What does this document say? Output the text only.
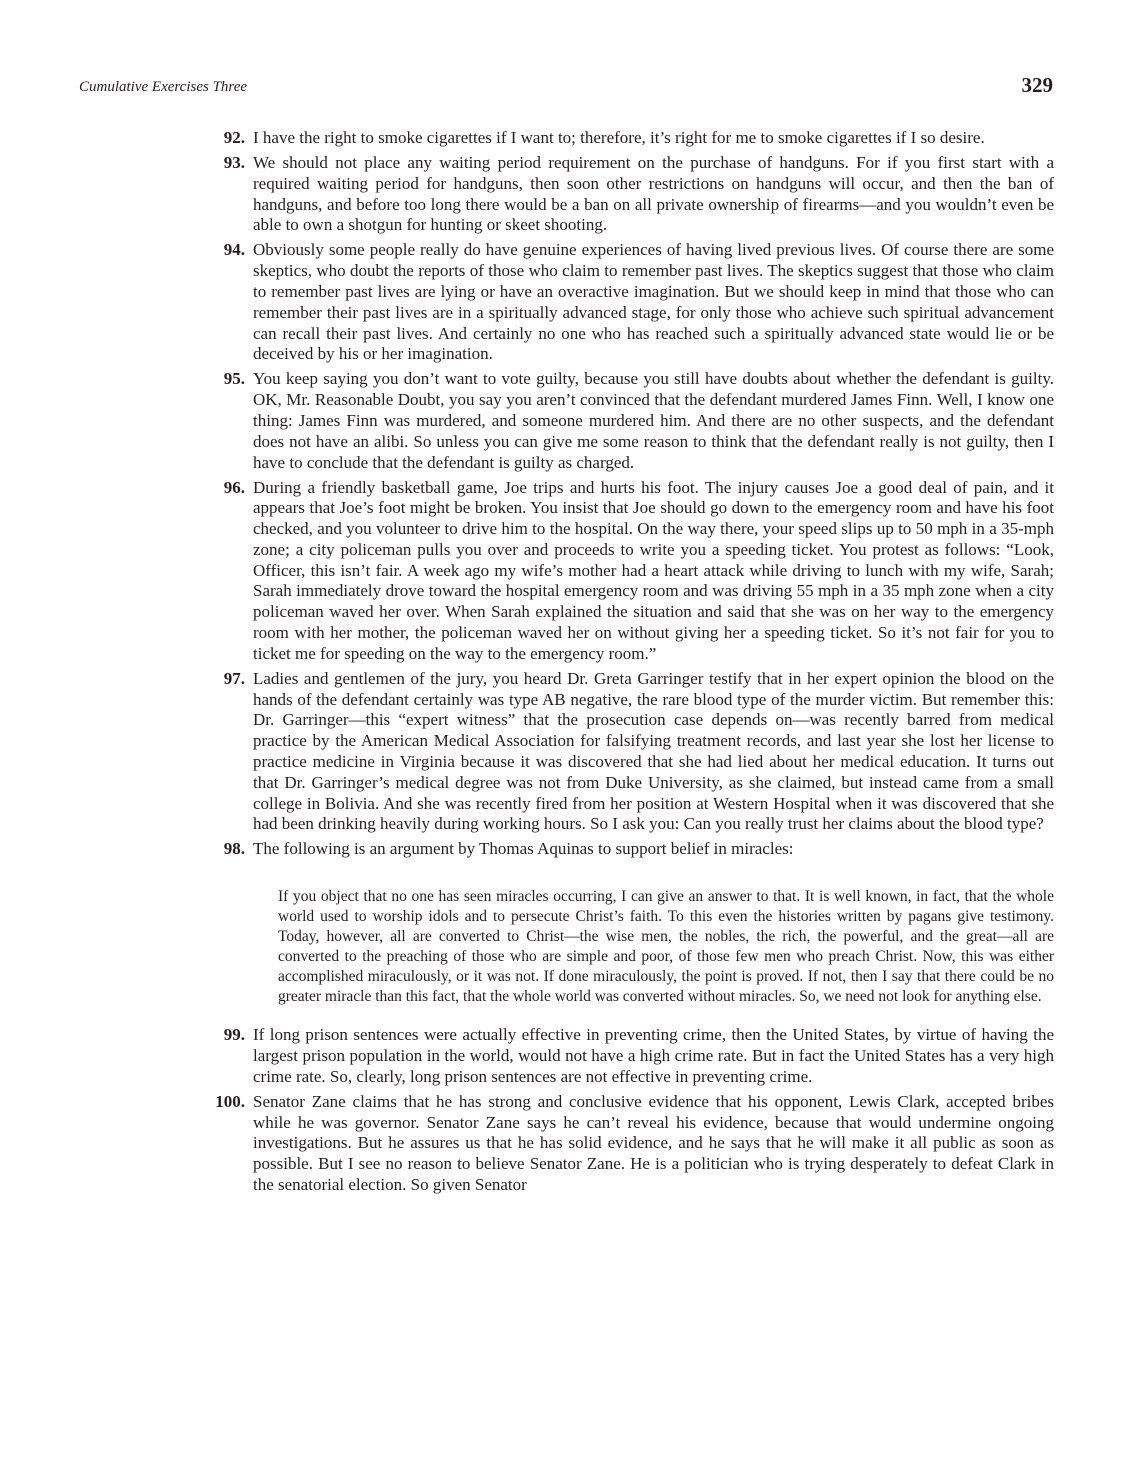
Cumulative Exercises Three	329
92. I have the right to smoke cigarettes if I want to; therefore, it’s right for me to smoke cigarettes if I so desire.
93. We should not place any waiting period requirement on the purchase of handguns. For if you first start with a required waiting period for handguns, then soon other restrictions on handguns will occur, and then the ban of handguns, and before too long there would be a ban on all private ownership of firearms—and you wouldn’t even be able to own a shotgun for hunting or skeet shooting.
94. Obviously some people really do have genuine experiences of having lived previous lives. Of course there are some skeptics, who doubt the reports of those who claim to remember past lives. The skeptics suggest that those who claim to remember past lives are lying or have an overactive imagination. But we should keep in mind that those who can remember their past lives are in a spiritually advanced stage, for only those who achieve such spiritual advancement can recall their past lives. And certainly no one who has reached such a spiritually advanced state would lie or be deceived by his or her imagination.
95. You keep saying you don’t want to vote guilty, because you still have doubts about whether the defendant is guilty. OK, Mr. Reasonable Doubt, you say you aren’t convinced that the defendant murdered James Finn. Well, I know one thing: James Finn was murdered, and someone murdered him. And there are no other suspects, and the defendant does not have an alibi. So unless you can give me some reason to think that the defendant really is not guilty, then I have to conclude that the defendant is guilty as charged.
96. During a friendly basketball game, Joe trips and hurts his foot. The injury causes Joe a good deal of pain, and it appears that Joe’s foot might be broken. You insist that Joe should go down to the emergency room and have his foot checked, and you volunteer to drive him to the hospital. On the way there, your speed slips up to 50 mph in a 35-mph zone; a city policeman pulls you over and proceeds to write you a speeding ticket. You protest as follows: “Look, Officer, this isn’t fair. A week ago my wife’s mother had a heart attack while driving to lunch with my wife, Sarah; Sarah immediately drove toward the hospital emergency room and was driving 55 mph in a 35 mph zone when a city policeman waved her over. When Sarah explained the situation and said that she was on her way to the emergency room with her mother, the policeman waved her on without giving her a speeding ticket. So it’s not fair for you to ticket me for speeding on the way to the emergency room.”
97. Ladies and gentlemen of the jury, you heard Dr. Greta Garringer testify that in her expert opinion the blood on the hands of the defendant certainly was type AB negative, the rare blood type of the murder victim. But remember this: Dr. Garringer—this “expert witness” that the prosecution case depends on—was recently barred from medical practice by the American Medical Association for falsifying treatment records, and last year she lost her license to practice medicine in Virginia because it was discovered that she had lied about her medical education. It turns out that Dr. Garringer’s medical degree was not from Duke University, as she claimed, but instead came from a small college in Bolivia. And she was recently fired from her position at Western Hospital when it was discovered that she had been drinking heavily during working hours. So I ask you: Can you really trust her claims about the blood type?
98. The following is an argument by Thomas Aquinas to support belief in miracles:
If you object that no one has seen miracles occurring, I can give an answer to that. It is well known, in fact, that the whole world used to worship idols and to persecute Christ’s faith. To this even the histories written by pagans give testimony. Today, however, all are converted to Christ—the wise men, the nobles, the rich, the powerful, and the great—all are converted to the preaching of those who are simple and poor, of those few men who preach Christ. Now, this was either accomplished miraculously, or it was not. If done miraculously, the point is proved. If not, then I say that there could be no greater miracle than this fact, that the whole world was converted without miracles. So, we need not look for anything else.
99. If long prison sentences were actually effective in preventing crime, then the United States, by virtue of having the largest prison population in the world, would not have a high crime rate. But in fact the United States has a very high crime rate. So, clearly, long prison sentences are not effective in preventing crime.
100. Senator Zane claims that he has strong and conclusive evidence that his opponent, Lewis Clark, accepted bribes while he was governor. Senator Zane says he can’t reveal his evidence, because that would undermine ongoing investigations. But he assures us that he has solid evidence, and he says that he will make it all public as soon as possible. But I see no reason to believe Senator Zane. He is a politician who is trying desperately to defeat Clark in the senatorial election. So given Senator
